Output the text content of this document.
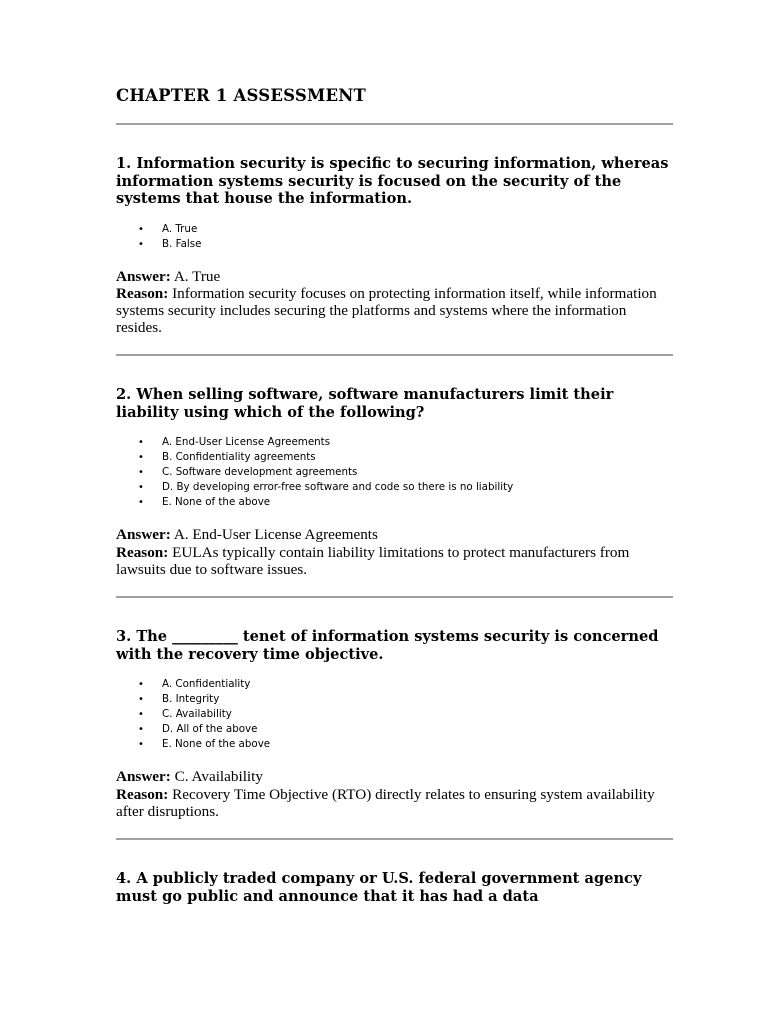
CHAPTER 1 ASSESSMENT

1. Information security is specific to securing information, whereas information systems security is focused on the security of the systems that house the information.

• A. True
• B. False

Answer: A. True

Reason: Information security focuses on protecting information itself, while information systems security includes securing the platforms and systems where the information resides.

2. When selling software, software manufacturers limit their liability using which of the following?

• A. End-User License Agreements
• B. Confidentiality agreements
• C. Software development agreements
• D. By developing error-free software and code so there is no liability
• E. None of the above

Answer: A. End-User License Agreements

Reason: EULAs typically contain liability limitations to protect manufacturers from lawsuits due to software issues.

3. The _________ tenet of information systems security is concerned with the recovery time objective.

• A. Confidentiality
• B. Integrity
• C. Availability
• D. All of the above
• E. None of the above

Answer: C. Availability

Reason: Recovery Time Objective (RTO) directly relates to ensuring system availability after disruptions.

4. A publicly traded company or U.S. federal government agency must go public and announce that it has had a data
